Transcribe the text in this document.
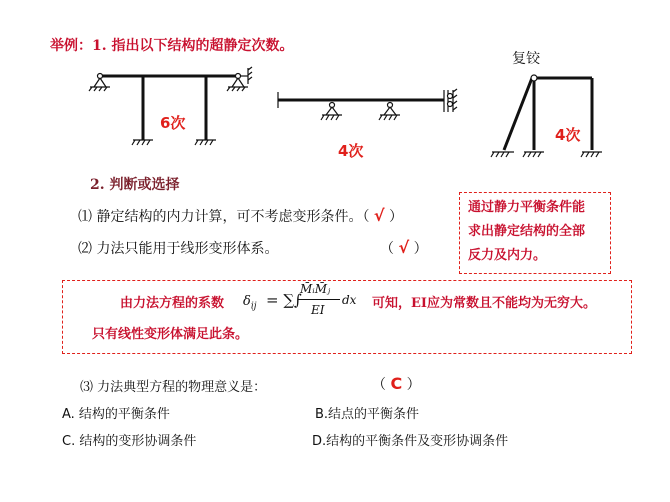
举例：1. 指出以下结构的超静定次数。
6次
4次
复铰
4次
2. 判断或选择
⑴ 静定结构的内力计算，可不考虑变形条件。（ √ ）
⑵ 力法只能用于线形变形体系。	（ √ ）
通过静力平衡条件能
求出静定结构的全部
反力及内力。
由力法方程的系数 $\delta_{ij}$ = ∑∫
M̄ᵢM̄ⱼ
EI
dx 可知，EI应为常数且不能均为无穷大。
只有线性变形体满足此条。
⑶ 力法典型方程的物理意义是：	（ C ）
A. 结构的平衡条件	B.结点的平衡条件
C. 结构的变形协调条件	D.结构的平衡条件及变形协调条件
